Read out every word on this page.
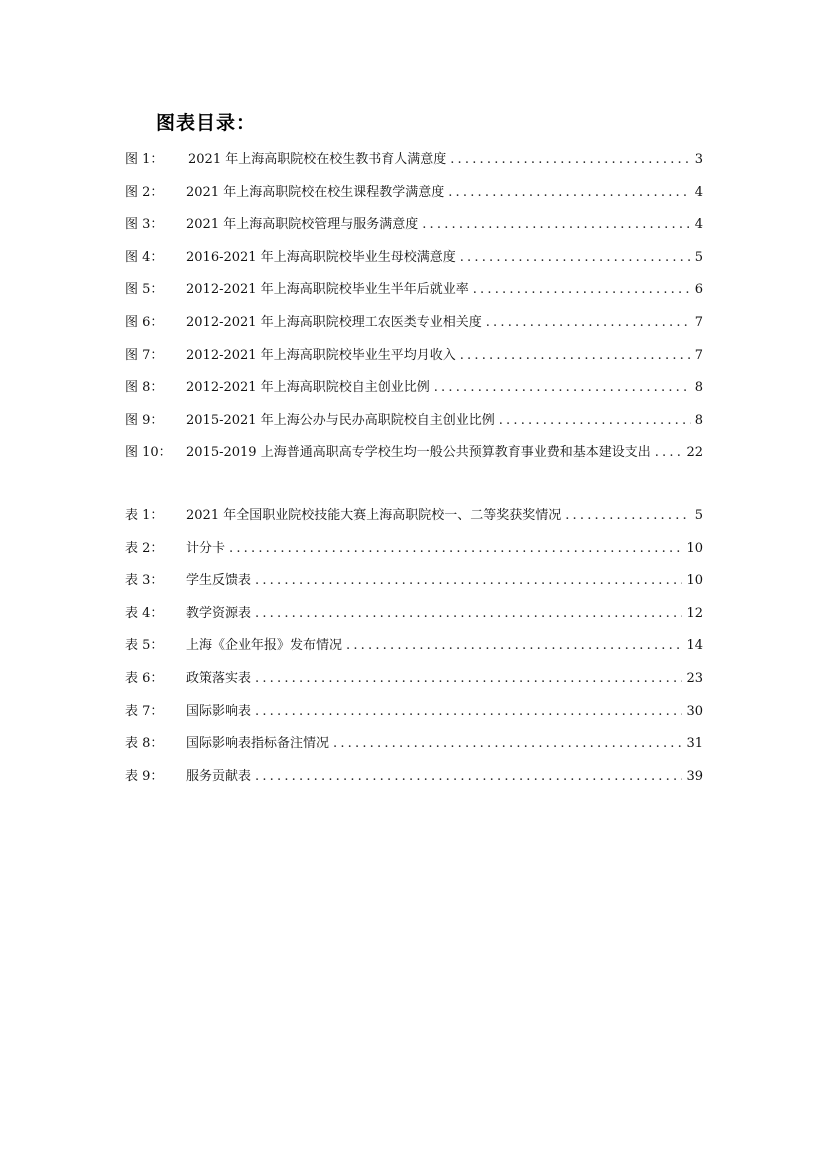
图表目录：
图 1：	2021 年上海高职院校在校生教书育人满意度 .....	3
图 2：	2021 年上海高职院校在校生课程教学满意度 .....	4
图 3：	2021 年上海高职院校管理与服务满意度 .....	4
图 4：	2016-2021 年上海高职院校毕业生母校满意度 .....	5
图 5：	2012-2021 年上海高职院校毕业生半年后就业率 .....	6
图 6：	2012-2021 年上海高职院校理工农医类专业相关度 .....	7
图 7：	2012-2021 年上海高职院校毕业生平均月收入 .....	7
图 8：	2012-2021 年上海高职院校自主创业比例 .....	8
图 9：	2015-2021 年上海公办与民办高职院校自主创业比例 .....	8
图 10：	2015-2019 上海普通高职高专学校生均一般公共预算教育事业费和基本建设支出 .....	22
表 1：	2021 年全国职业院校技能大赛上海高职院校一、二等奖获奖情况 .....	5
表 2：	计分卡 .....	10
表 3：	学生反馈表 .....	10
表 4：	教学资源表 .....	12
表 5：	上海《企业年报》发布情况 .....	14
表 6：	政策落实表 .....	23
表 7：	国际影响表 .....	30
表 8：	国际影响表指标备注情况 .....	31
表 9：	服务贡献表 .....	39
